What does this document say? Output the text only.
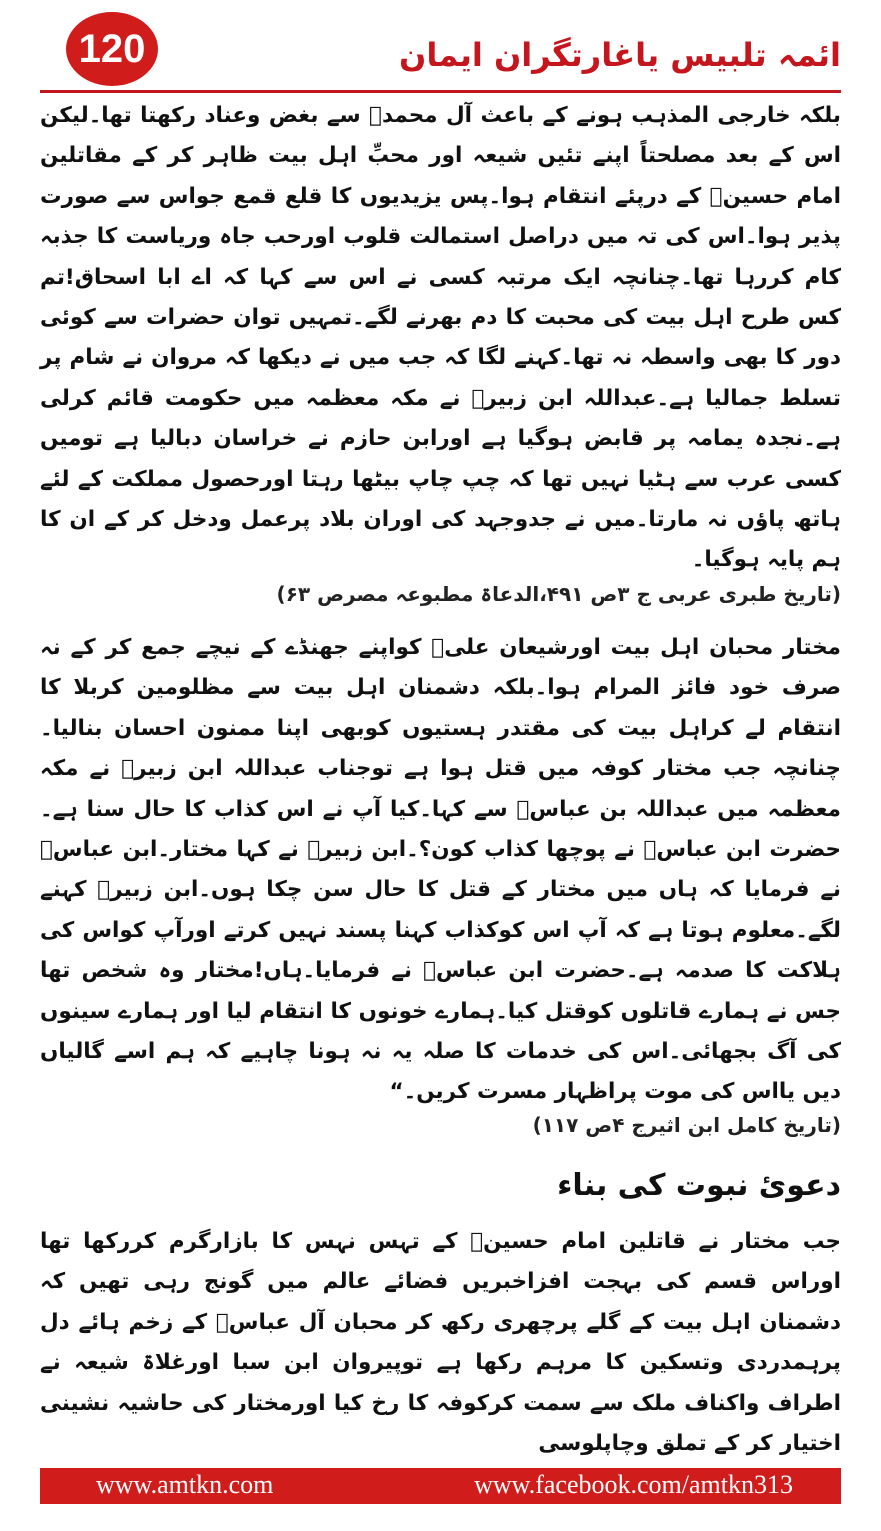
120	ائمہ تلبیس یاغارتگران ایمان
بلکہ خارجی المذہب ہونے کے باعث آل محمدﷺ سے بغض وعناد رکھتا تھا۔لیکن اس کے بعد مصلحتاً اپنے تئیں شیعہ اور محبِّ اہل بیت ظاہر کر کے مقاتلین امام حسینؓ کے درپئے انتقام ہوا۔پس یزیدیوں کا قلع قمع جواس سے صورت پذیر ہوا۔اس کی تہ میں دراصل استمالت قلوب اورحب جاہ وریاست کا جذبہ کام کررہا تھا۔چنانچہ ایک مرتبہ کسی نے اس سے کہا کہ اے ابا اسحاق!تم کس طرح اہل بیت کی محبت کا دم بھرنے لگے۔تمہیں توان حضرات سے کوئی دور کا بھی واسطہ نہ تھا۔کہنے لگا کہ جب میں نے دیکھا کہ مروان نے شام پر تسلط جمالیا ہے۔عبداللہ ابن زبیرؓ نے مکہ معظمہ میں حکومت قائم کرلی ہے۔نجدہ یمامہ پر قابض ہوگیا ہے اورابن حازم نے خراسان دبالیا ہے تومیں کسی عرب سے ہٹیا نہیں تھا کہ چپ چاپ بیٹھا رہتا اورحصول مملکت کے لئے ہاتھ پاؤں نہ مارتا۔میں نے جدوجہد کی اوران بلاد پرعمل ودخل کر کے ان کا ہم پایہ ہوگیا۔
(تاریخ طبری عربی ج ۳ص ۴۹۱،الدعاۃ مطبوعہ مصرص ۶۳)
مختار محبان اہل بیت اورشیعان علیؓ کواپنے جھنڈے کے نیچے جمع کر کے نہ صرف خود فائز المرام ہوا۔بلکہ دشمنان اہل بیت سے مظلومین کربلا کا انتقام لے کراہل بیت کی مقتدر ہستیوں کوبھی اپنا ممنون احسان بنالیا۔چنانچہ جب مختار کوفہ میں قتل ہوا ہے توجناب عبداللہ ابن زبیرؓ نے مکہ معظمہ میں عبداللہ بن عباسؓ سے کہا۔کیا آپ نے اس کذاب کا حال سنا ہے۔حضرت ابن عباسؓ نے پوچھا کذاب کون؟۔ابن زبیرؓ نے کہا مختار۔ابن عباسؓ نے فرمایا کہ ہاں میں مختار کے قتل کا حال سن چکا ہوں۔ابن زبیرؓ کہنے لگے۔معلوم ہوتا ہے کہ آپ اس کوکذاب کہنا پسند نہیں کرتے اورآپ کواس کی ہلاکت کا صدمہ ہے۔حضرت ابن عباسؓ نے فرمایا۔ہاں!مختار وہ شخص تھا جس نے ہمارے قاتلوں کوقتل کیا۔ہمارے خونوں کا انتقام لیا اور ہمارے سینوں کی آگ بجھائی۔اس کی خدمات کا صلہ یہ نہ ہونا چاہیے کہ ہم اسے گالیاں دیں یااس کی موت پراظہار مسرت کریں۔“
(تاریخ کامل ابن اثیرج ۴ص ۱۱۷)
دعوئ نبوت کی بناء
جب مختار نے قاتلین امام حسینؓ کے تہس نہس کا بازارگرم کررکھا تھا اوراس قسم کی بہجت افزاخبریں فضائے عالم میں گونج رہی تھیں کہ دشمنان اہل بیت کے گلے پرچھری رکھ کر محبان آل عباسؓ کے زخم ہائے دل پرہمدردی وتسکین کا مرہم رکھا ہے توپیروان ابن سبا اورغلاۃ شیعہ نے اطراف واکناف ملک سے سمت کرکوفہ کا رخ کیا اورمختار کی حاشیہ نشینی اختیار کر کے تملق وچاپلوسی
www.amtkn.com	www.facebook.com/amtkn313
